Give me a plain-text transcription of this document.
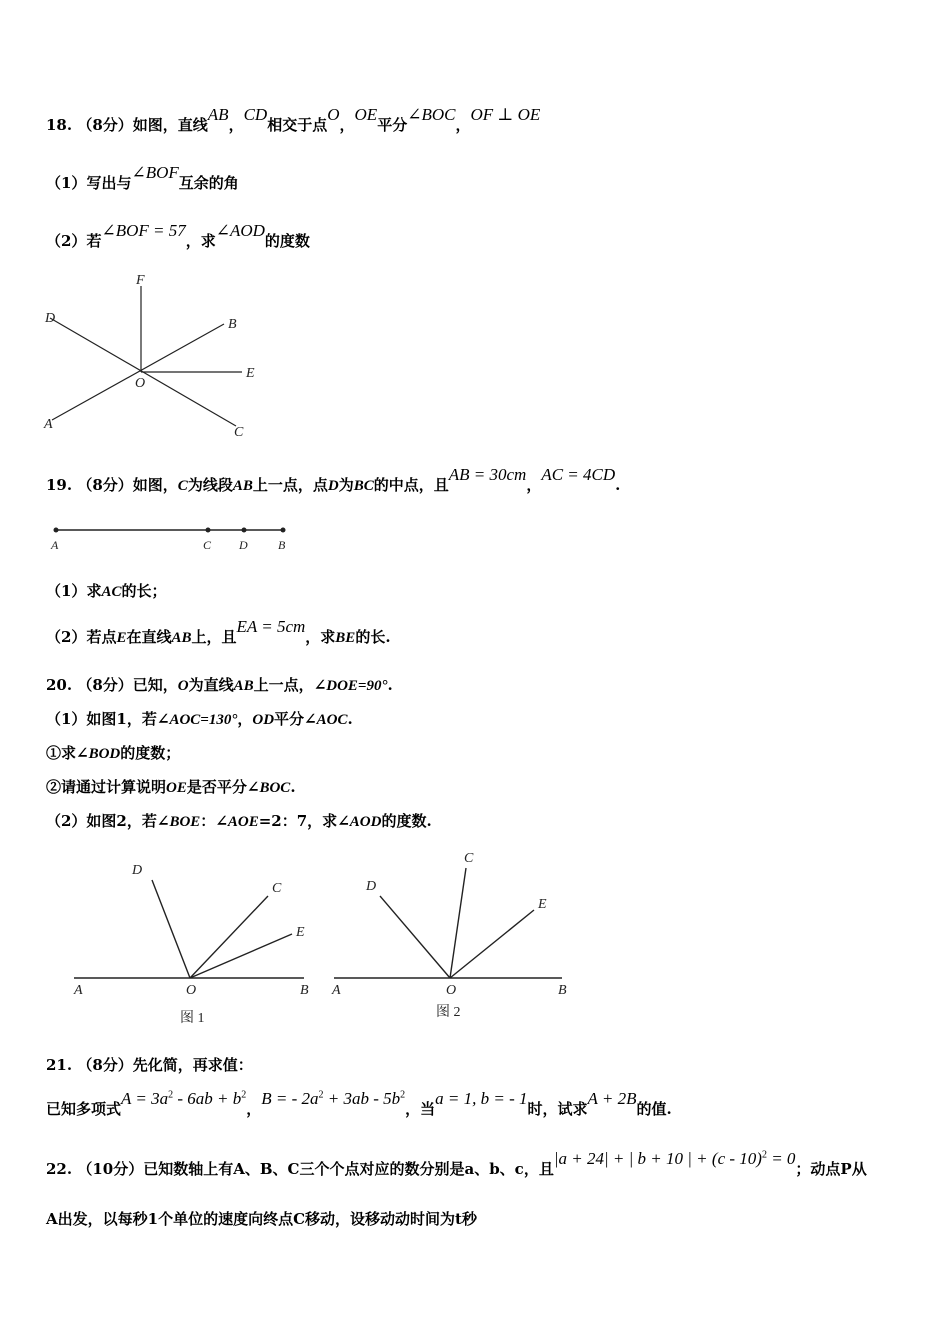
18. （8分）如图，直线AB，CD相交于点O，OE平分∠BOC，OF ⊥ OE
（1）写出与∠BOF互余的角
（2）若∠BOF = 57，求∠AOD的度数
F
D	B
E
O
A
C
19. （8分）如图，C为线段AB上一点，点D为BC的中点，且AB = 30cm，AC = 4CD.
A	C D	B
（1）求AC的长；
（2）若点E在直线AB上，且EA = 5cm，求BE的长.
20. （8分）已知，O为直线AB上一点，∠DOE=90°.
（1）如图1，若∠AOC=130°，OD平分∠AOC.
①求∠BOD的度数；
②请通过计算说明OE是否平分∠BOC.
（2）如图2，若∠BOE：∠AOE=2：7，求∠AOD的度数.
D
C
E
A	O	B
图 1
D
C
E
A	O	B
图 2
21. （8分）先化简，再求值：
已知多项式$A = 3a^2 - 6ab + b^2$，B = - $2a^2 + 3ab - 5b^2$，当a = 1, b = - 1时，试求A + 2B的值.
22. （10分）已知数轴上有A、B、C三个个点对应的数分别是a、b、c，且|a + 24| + | b + 10 | + (c - 10)$^2$ = 0；动点P从
A出发，以每秒1个单位的速度向终点C移动，设移动动时间为t秒
